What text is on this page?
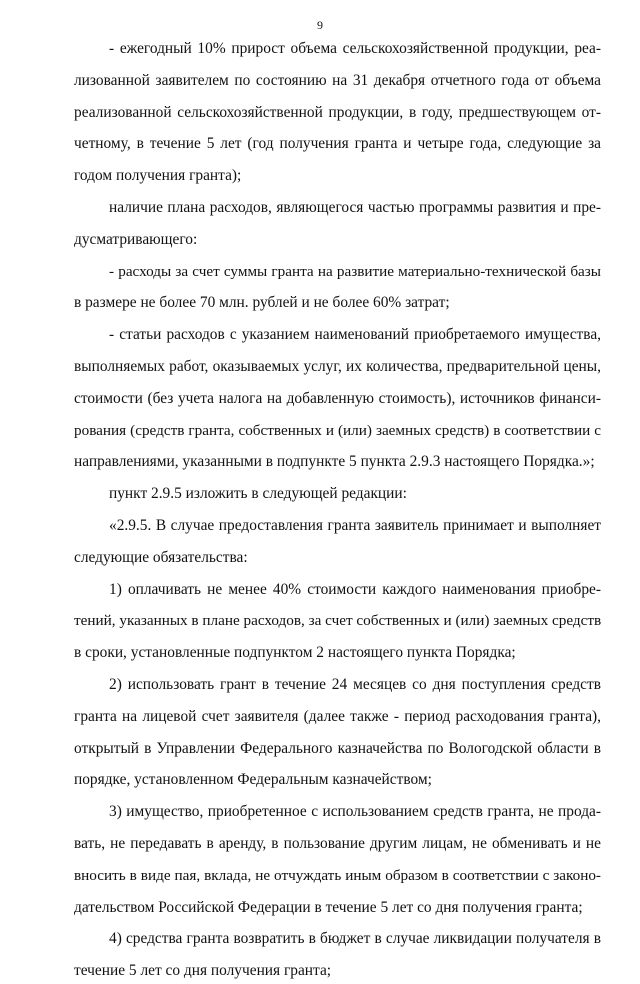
9
- ежегодный 10% прирост объема сельскохозяйственной продукции, реа-
лизованной заявителем по состоянию на 31 декабря отчетного года от объема
реализованной сельскохозяйственной продукции, в году, предшествующем от-
четному, в течение 5 лет (год получения гранта и четыре года, следующие за
годом получения гранта);
наличие плана расходов, являющегося частью программы развития и пре-
дусматривающего:
- расходы за счет суммы гранта на развитие материально-технической базы
в размере не более 70 млн. рублей и не более 60% затрат;
- статьи расходов с указанием наименований приобретаемого имущества,
выполняемых работ, оказываемых услуг, их количества, предварительной цены,
стоимости (без учета налога на добавленную стоимость), источников финанси-
рования (средств гранта, собственных и (или) заемных средств) в соответствии с
направлениями, указанными в подпункте 5 пункта 2.9.3 настоящего Порядка.»;
пункт 2.9.5 изложить в следующей редакции:
«2.9.5. В случае предоставления гранта заявитель принимает и выполняет
следующие обязательства:
1) оплачивать не менее 40% стоимости каждого наименования приобре-
тений, указанных в плане расходов, за счет собственных и (или) заемных средств
в сроки, установленные подпунктом 2 настоящего пункта Порядка;
2) использовать грант в течение 24 месяцев со дня поступления средств
гранта на лицевой счет заявителя (далее также - период расходования гранта),
открытый в Управлении Федерального казначейства по Вологодской области в
порядке, установленном Федеральным казначейством;
3) имущество, приобретенное с использованием средств гранта, не прода-
вать, не передавать в аренду, в пользование другим лицам, не обменивать и не
вносить в виде пая, вклада, не отчуждать иным образом в соответствии с законо-
дательством Российской Федерации в течение 5 лет со дня получения гранта;
4) средства гранта возвратить в бюджет в случае ликвидации получателя в
течение 5 лет со дня получения гранта;
